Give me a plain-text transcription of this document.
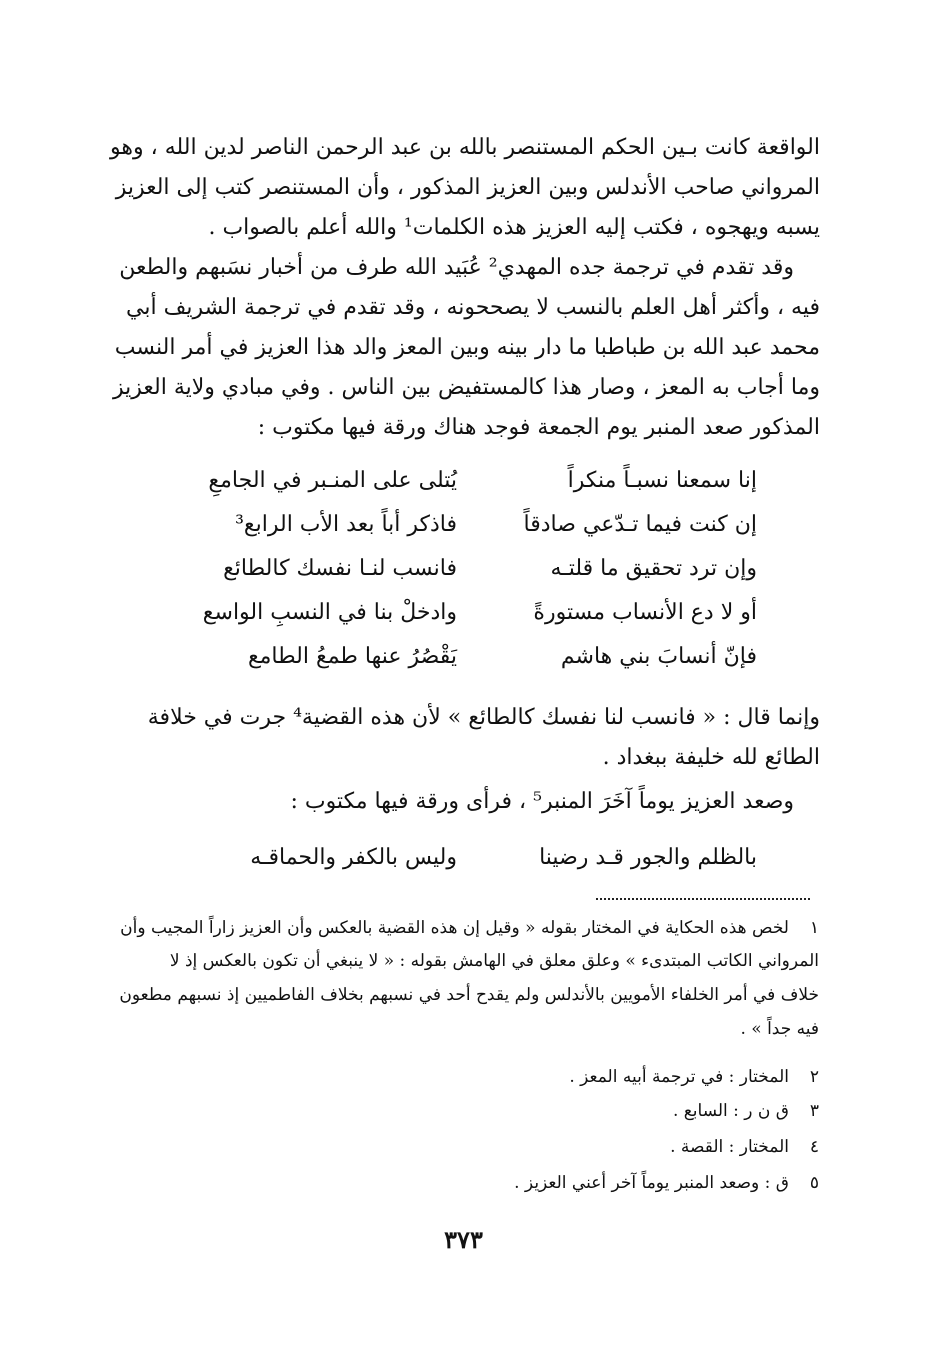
الواقعة كانت بـين الحكم المستنصر بالله بن عبد الرحمن الناصر لدين الله ، وهو
المرواني صاحب الأندلس وبين العزيز المذكور ، وأن المستنصر كتب إلى العزيز
يسبه ويهجوه ، فكتب إليه العزيز هذه الكلمات¹ والله أعلم بالصواب .
وقد تقدم في ترجمة جده المهدي² عُبَيد الله طرف من أخبار نسَبهم والطعن
فيه ، وأكثر أهل العلم بالنسب لا يصححونه ، وقد تقدم في ترجمة الشريف أبي
محمد عبد الله بن طباطبا ما دار بينه وبين المعز والد هذا العزيز في أمر النسب
وما أجاب به المعز ، وصار هذا كالمستفيض بين الناس . وفي مبادي ولاية العزيز
المذكور صعد المنبر يوم الجمعة فوجد هناك ورقة فيها مكتوب :
إنا سمعنا نسبـاً منكراً
يُتلى على المنـبر في الجامعِ
إن كنت فيما تـدّعي صادقاً
فاذكر أباً بعد الأب الرابع³
وإن ترد تحقيق ما قلتـه
فانسب لنـا نفسك كالطائع
أو لا دع الأنساب مستورةً
وادخلْ بنا في النسبِ الواسع
فإنّ أنسابَ بني هاشم
يَقْصُرُ عنها طمعُ الطامع
وإنما قال : « فانسب لنا نفسك كالطائع » لأن هذه القضية⁴ جرت في خلافة
الطائع لله خليفة ببغداد .
وصعد العزيز يوماً آخَرَ المنبر⁵ ، فرأى ورقة فيها مكتوب :
بالظلم والجور قـد رضينا
وليس بالكفر والحماقـه
١لخص هذه الحكاية في المختار بقوله « وقيل إن هذه القضية بالعكس وأن العزيز زاراً المجيب وأن
المرواني الكاتب المبتدىء » وعلق معلق في الهامش بقوله : « لا ينبغي أن تكون بالعكس إذ لا
خلاف في أمر الخلفاء الأمويين بالأندلس ولم يقدح أحد في نسبهم بخلاف الفاطميين إذ نسبهم مطعون
فيه جداً » .
٢المختار : في ترجمة أبيه المعز .
٣ق ن ر : السابع .
٤المختار : القصة .
٥ق : وصعد المنبر يوماً آخر أعني العزيز .
٣٧٣
